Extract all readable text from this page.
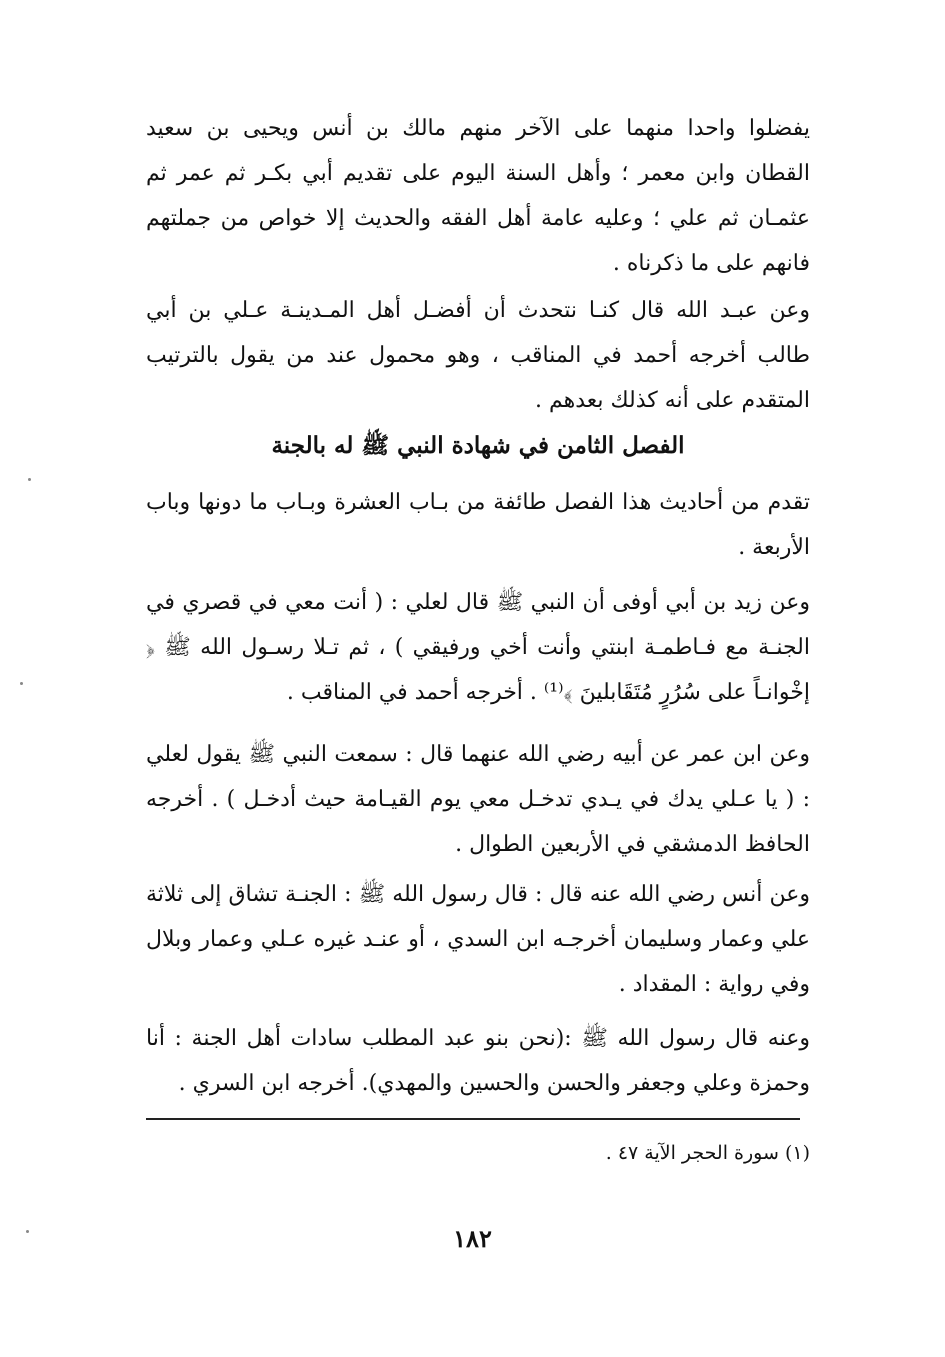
يفضلوا واحدا منهما على الآخر منهم مالك بن أنس ويحيى بن سعيد القطان وابن معمر ؛ وأهل السنة اليوم على تقديم أبي بكـر ثم عمر ثم عثمـان ثم علي ؛ وعليه عامة أهل الفقه والحديث إلا خواص من جملتهم فانهم على ما ذكرناه .

وعن عبـد الله قال كنـا نتحدث أن أفضـل أهل المـدينـة عـلي بن أبي طالب أخرجه أحمد في المناقب ، وهو محمول عند من يقول بالترتيب المتقدم على أنه كذلك بعدهم .

الفصل الثامن في شهادة النبي ﷺ له بالجنة

تقدم من أحاديث هذا الفصل طائفة من بـاب العشرة وبـاب ما دونها وباب الأربعة .

وعن زيد بن أبي أوفى أن النبي ﷺ قال لعلي : ( أنت معي في قصري في الجنـة مع فـاطمـة ابنتي وأنت أخي ورفيقي ) ، ثم تـلا رسـول الله ﷺ ﴿ إخْوانـاً على سُرُرٍ مُتَقَابلينَ ﴾⁽¹⁾ . أخرجه أحمد في المناقب .

وعن ابن عمر عن أبيه رضي الله عنهما قال : سمعت النبي ﷺ يقول لعلي : ( يا عـلي يدك في يـدي تدخـل معي يوم القيـامة حيث أدخـل ) . أخرجه الحافظ الدمشقي في الأربعين الطوال .

وعن أنس رضي الله عنه قال : قال رسول الله ﷺ : الجنـة تشاق إلى ثلاثة علي وعمار وسليمان أخرجـه ابن السدي ، أو عنـد غيره عـلي وعمار وبلال وفي رواية : المقداد .

وعنه قال رسول الله ﷺ :(نحن بنو عبد المطلب سادات أهل الجنة : أنا وحمزة وعلي وجعفر والحسن والحسين والمهدي). أخرجه ابن السري .

(١) سورة الحجر الآية ٤٧ .

١٨٢
